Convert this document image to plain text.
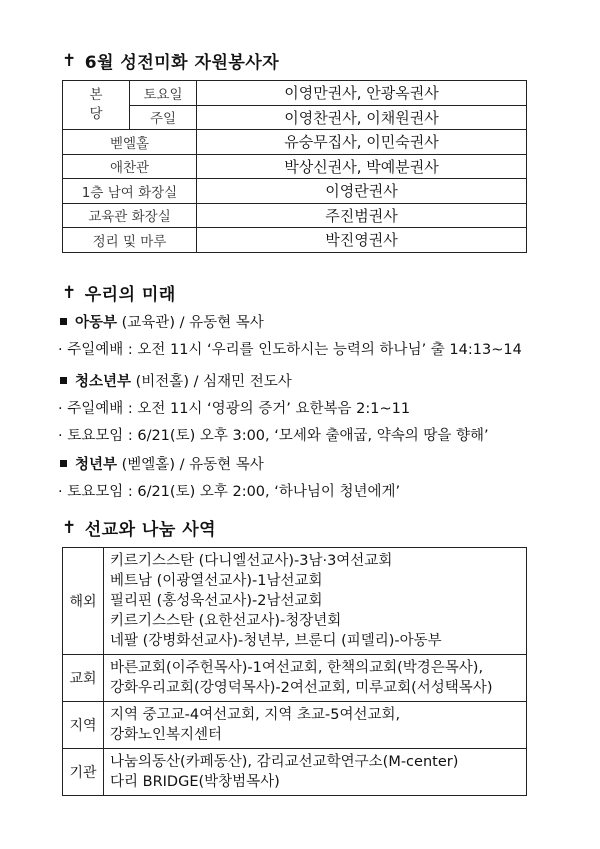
✝ 6월 성전미화 자원봉사자
본
당	토요일	이영만권사, 안광옥권사
	주일	이영찬권사, 이채원권사
벧엘홀		유숭무집사, 이민숙권사
애찬관		박상신권사, 박예분권사
1층 남여 화장실		이영란권사
교육관 화장실		주진범권사
정리 및 마루		박진영권사
✝ 우리의 미래
아동부 (교육관) / 유동현 목사
· 주일예배 : 오전 11시 ‘우리를 인도하시는 능력의 하나님’ 출 14:13~14
청소년부 (비전홀) / 심재민 전도사
· 주일예배 : 오전 11시 ‘영광의 증거’ 요한복음 2:1~11
· 토요모임 : 6/21(토) 오후 3:00, ‘모세와 출애굽, 약속의 땅을 향해’
청년부 (벧엘홀) / 유동현 목사
· 토요모임 : 6/21(토) 오후 2:00, ‘하나님이 청년에게’
✝ 선교와 나눔 사역
해외	키르기스스탄 (다니엘선교사)-3남·3여선교회
베트남 (이광열선교사)-1남선교회
필리핀 (홍성욱선교사)-2남선교회
키르기스스탄 (요한선교사)-청장년회
네팔 (강병화선교사)-청년부, 브룬디 (피델리)-아동부

교회	바른교회(이주헌목사)-1여선교회, 한책의교회(박경은목사),
강화우리교회(강영덕목사)-2여선교회, 미루교회(서성택목사)

지역	지역 중고교-4여선교회, 지역 초교-5여선교회,
강화노인복지센터

기관	나눔의동산(카페동산), 감리교선교학연구소(M-center)
다리 BRIDGE(박창범목사)
